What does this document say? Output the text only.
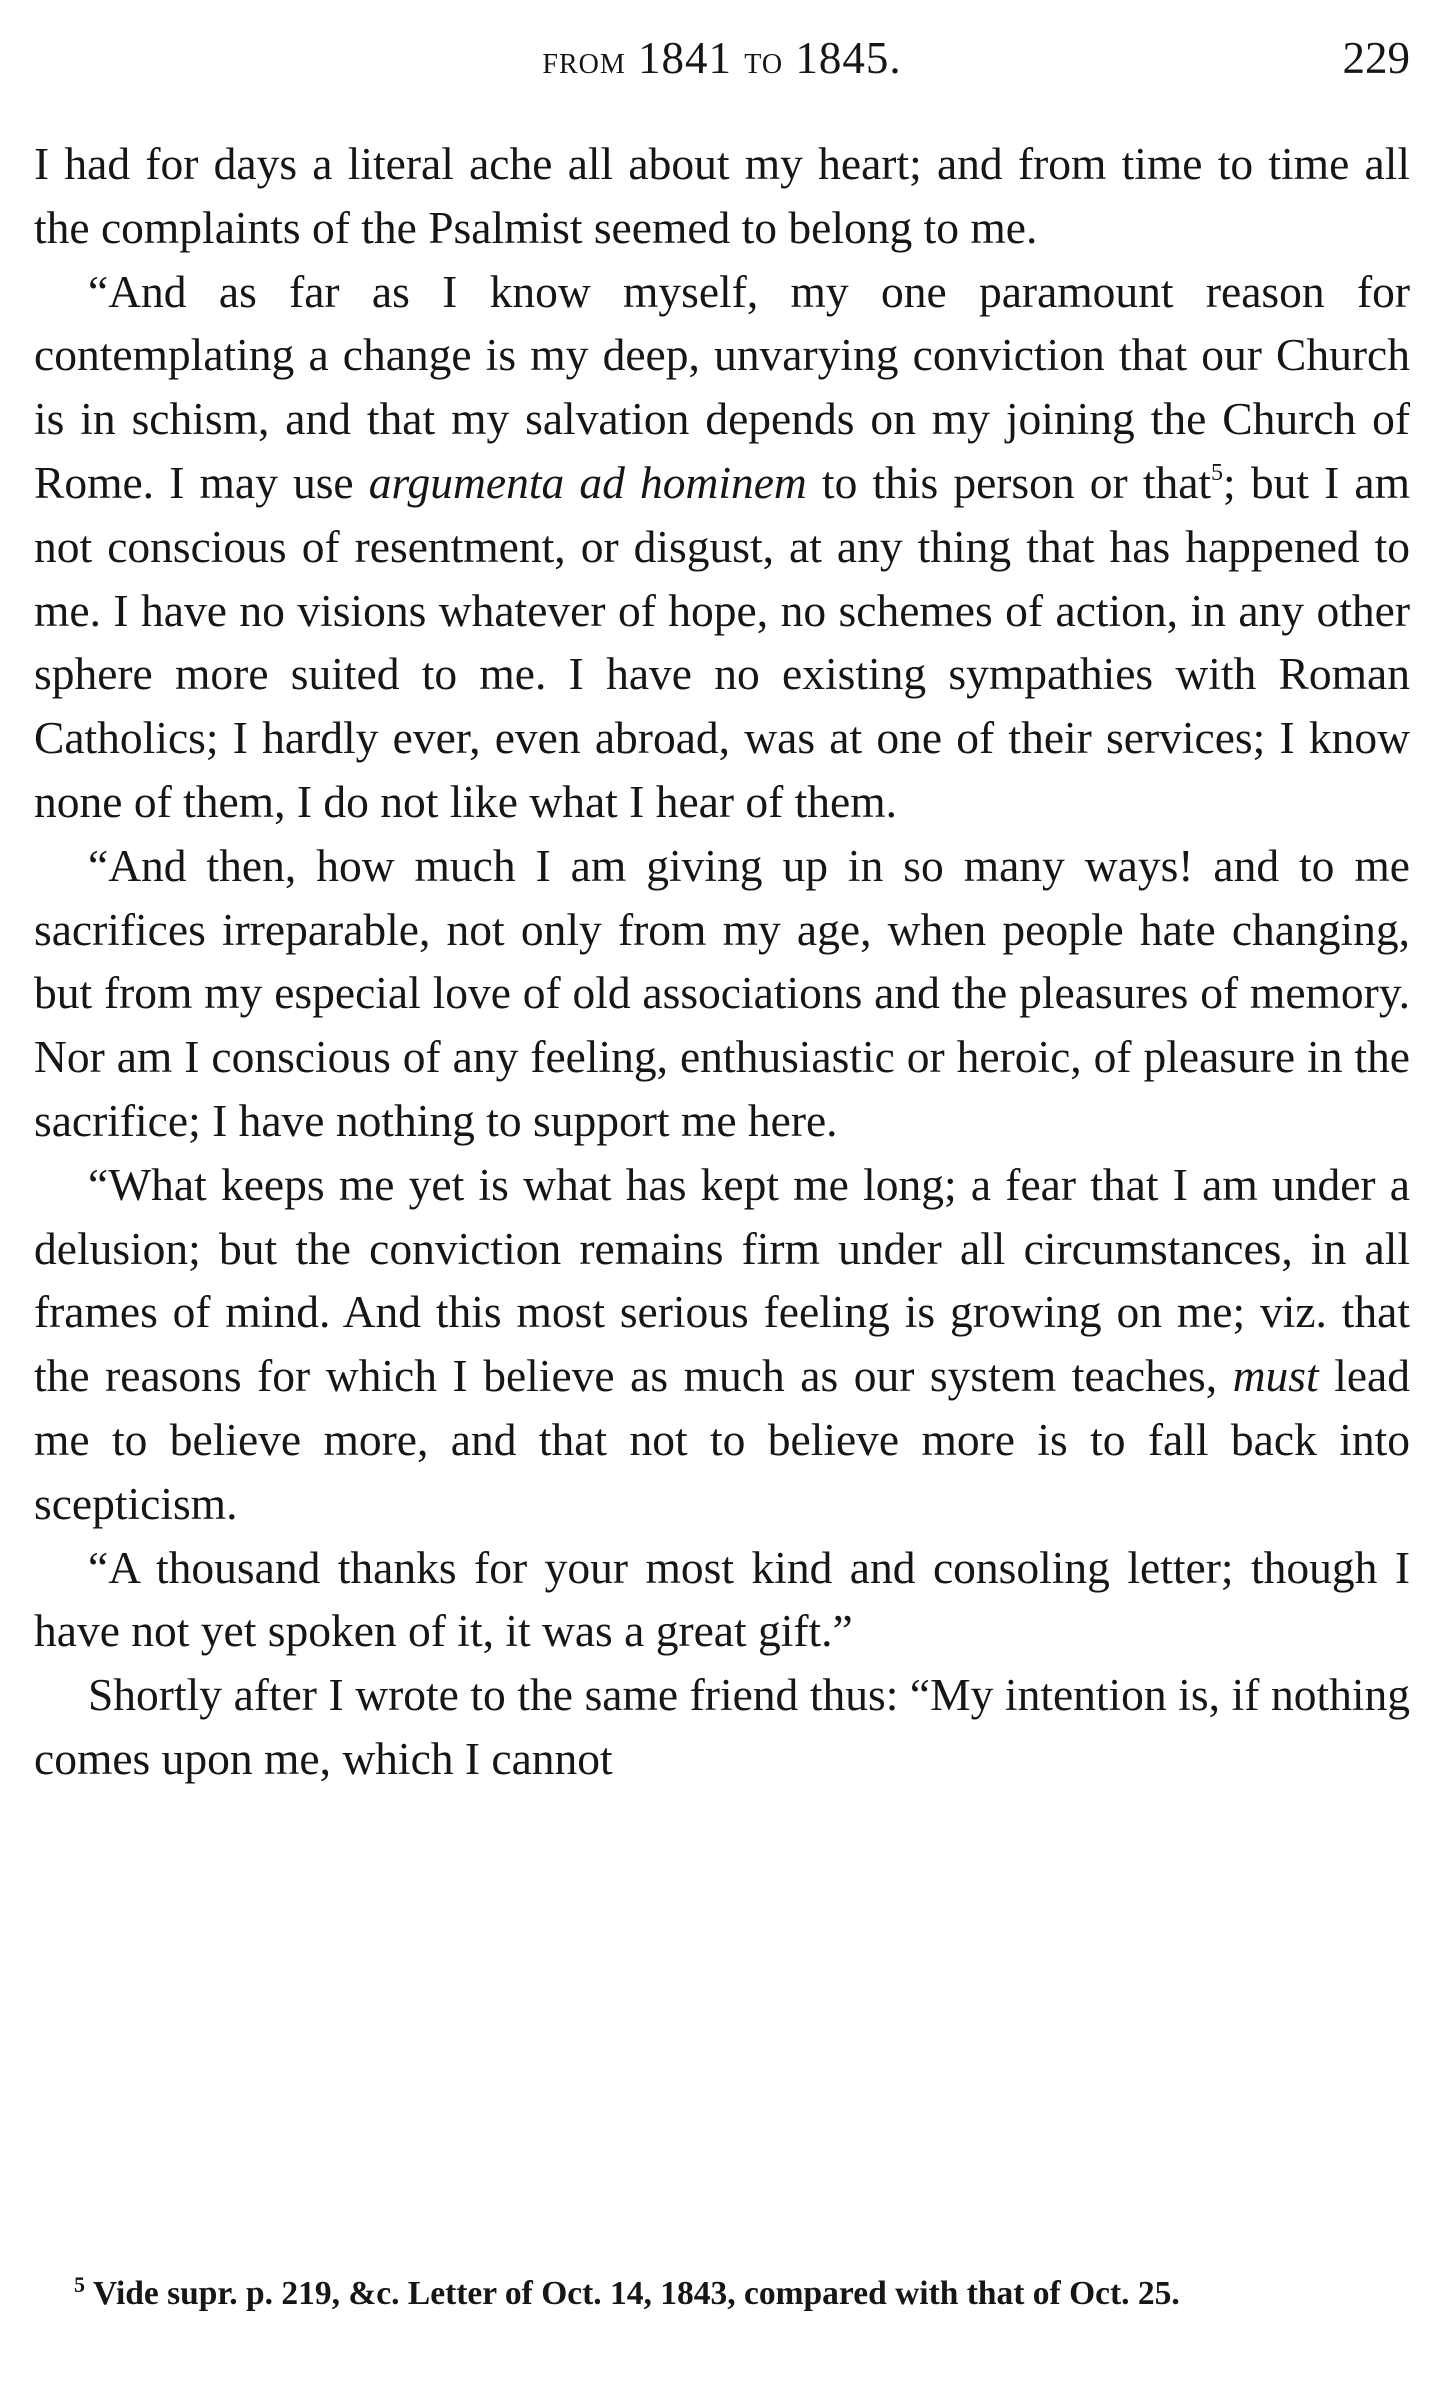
from 1841 to 1845.	229

I had for days a literal ache all about my heart; and from time to time all the complaints of the Psalmist seemed to belong to me.

“And as far as I know myself, my one paramount reason for contemplating a change is my deep, unvarying conviction that our Church is in schism, and that my salvation depends on my joining the Church of Rome. I may use argumenta ad hominem to this person or that$^5$; but I am not conscious of resentment, or disgust, at any thing that has happened to me. I have no visions whatever of hope, no schemes of action, in any other sphere more suited to me. I have no existing sympathies with Roman Catholics; I hardly ever, even abroad, was at one of their services; I know none of them, I do not like what I hear of them.

“And then, how much I am giving up in so many ways! and to me sacrifices irreparable, not only from my age, when people hate changing, but from my especial love of old associations and the pleasures of memory. Nor am I conscious of any feeling, enthusiastic or heroic, of pleasure in the sacrifice; I have nothing to support me here.

“What keeps me yet is what has kept me long; a fear that I am under a delusion; but the conviction remains firm under all circumstances, in all frames of mind. And this most serious feeling is growing on me; viz. that the reasons for which I believe as much as our system teaches, must lead me to believe more, and that not to believe more is to fall back into scepticism.

“A thousand thanks for your most kind and consoling letter; though I have not yet spoken of it, it was a great gift.”

Shortly after I wrote to the same friend thus: “My intention is, if nothing comes upon me, which I cannot

$^5$ Vide supr. p. 219, &c. Letter of Oct. 14, 1843, compared with that of Oct. 25.
